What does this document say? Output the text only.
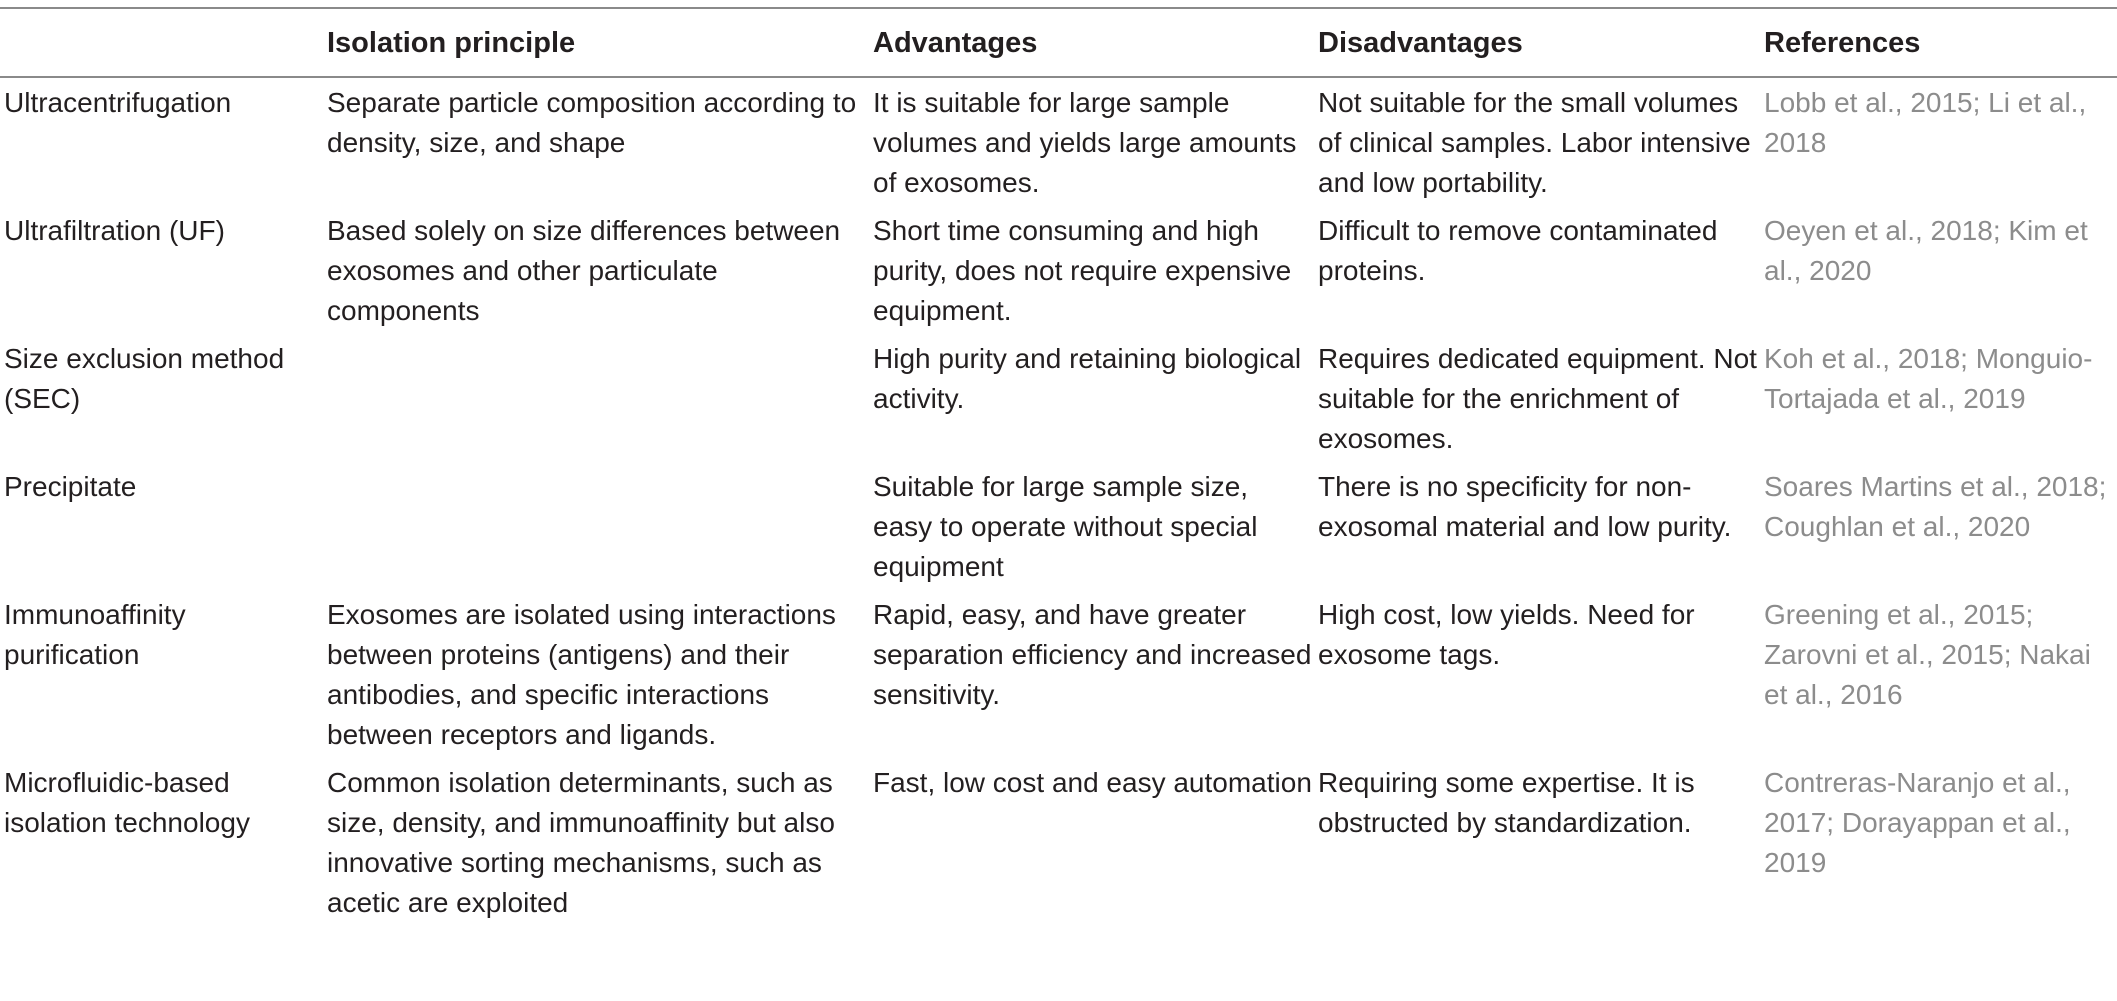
	Isolation principle	Advantages	Disadvantages	References
Ultracentrifugation	Separate particle composition according to density, size, and shape	It is suitable for large sample volumes and yields large amounts of exosomes.	Not suitable for the small volumes of clinical samples. Labor intensive and low portability.	Lobb et al., 2015; Li et al., 2018
Ultrafiltration (UF)	Based solely on size differences between exosomes and other particulate components	Short time consuming and high purity, does not require expensive equipment.	Difficult to remove contaminated proteins.	Oeyen et al., 2018; Kim et al., 2020
Size exclusion method (SEC)		High purity and retaining biological activity.	Requires dedicated equipment. Not suitable for the enrichment of exosomes.	Koh et al., 2018; Monguio-Tortajada et al., 2019
Precipitate		Suitable for large sample size, easy to operate without special equipment	There is no specificity for non-exosomal material and low purity.	Soares Martins et al., 2018; Coughlan et al., 2020
Immunoaffinity purification	Exosomes are isolated using interactions between proteins (antigens) and their antibodies, and specific interactions between receptors and ligands.	Rapid, easy, and have greater separation efficiency and increased sensitivity.	High cost, low yields. Need for exosome tags.	Greening et al., 2015; Zarovni et al., 2015; Nakai et al., 2016
Microfluidic-based isolation technology	Common isolation determinants, such as size, density, and immunoaffinity but also innovative sorting mechanisms, such as acetic are exploited	Fast, low cost and easy automation	Requiring some expertise. It is obstructed by standardization.	Contreras-Naranjo et al., 2017; Dorayappan et al., 2019
